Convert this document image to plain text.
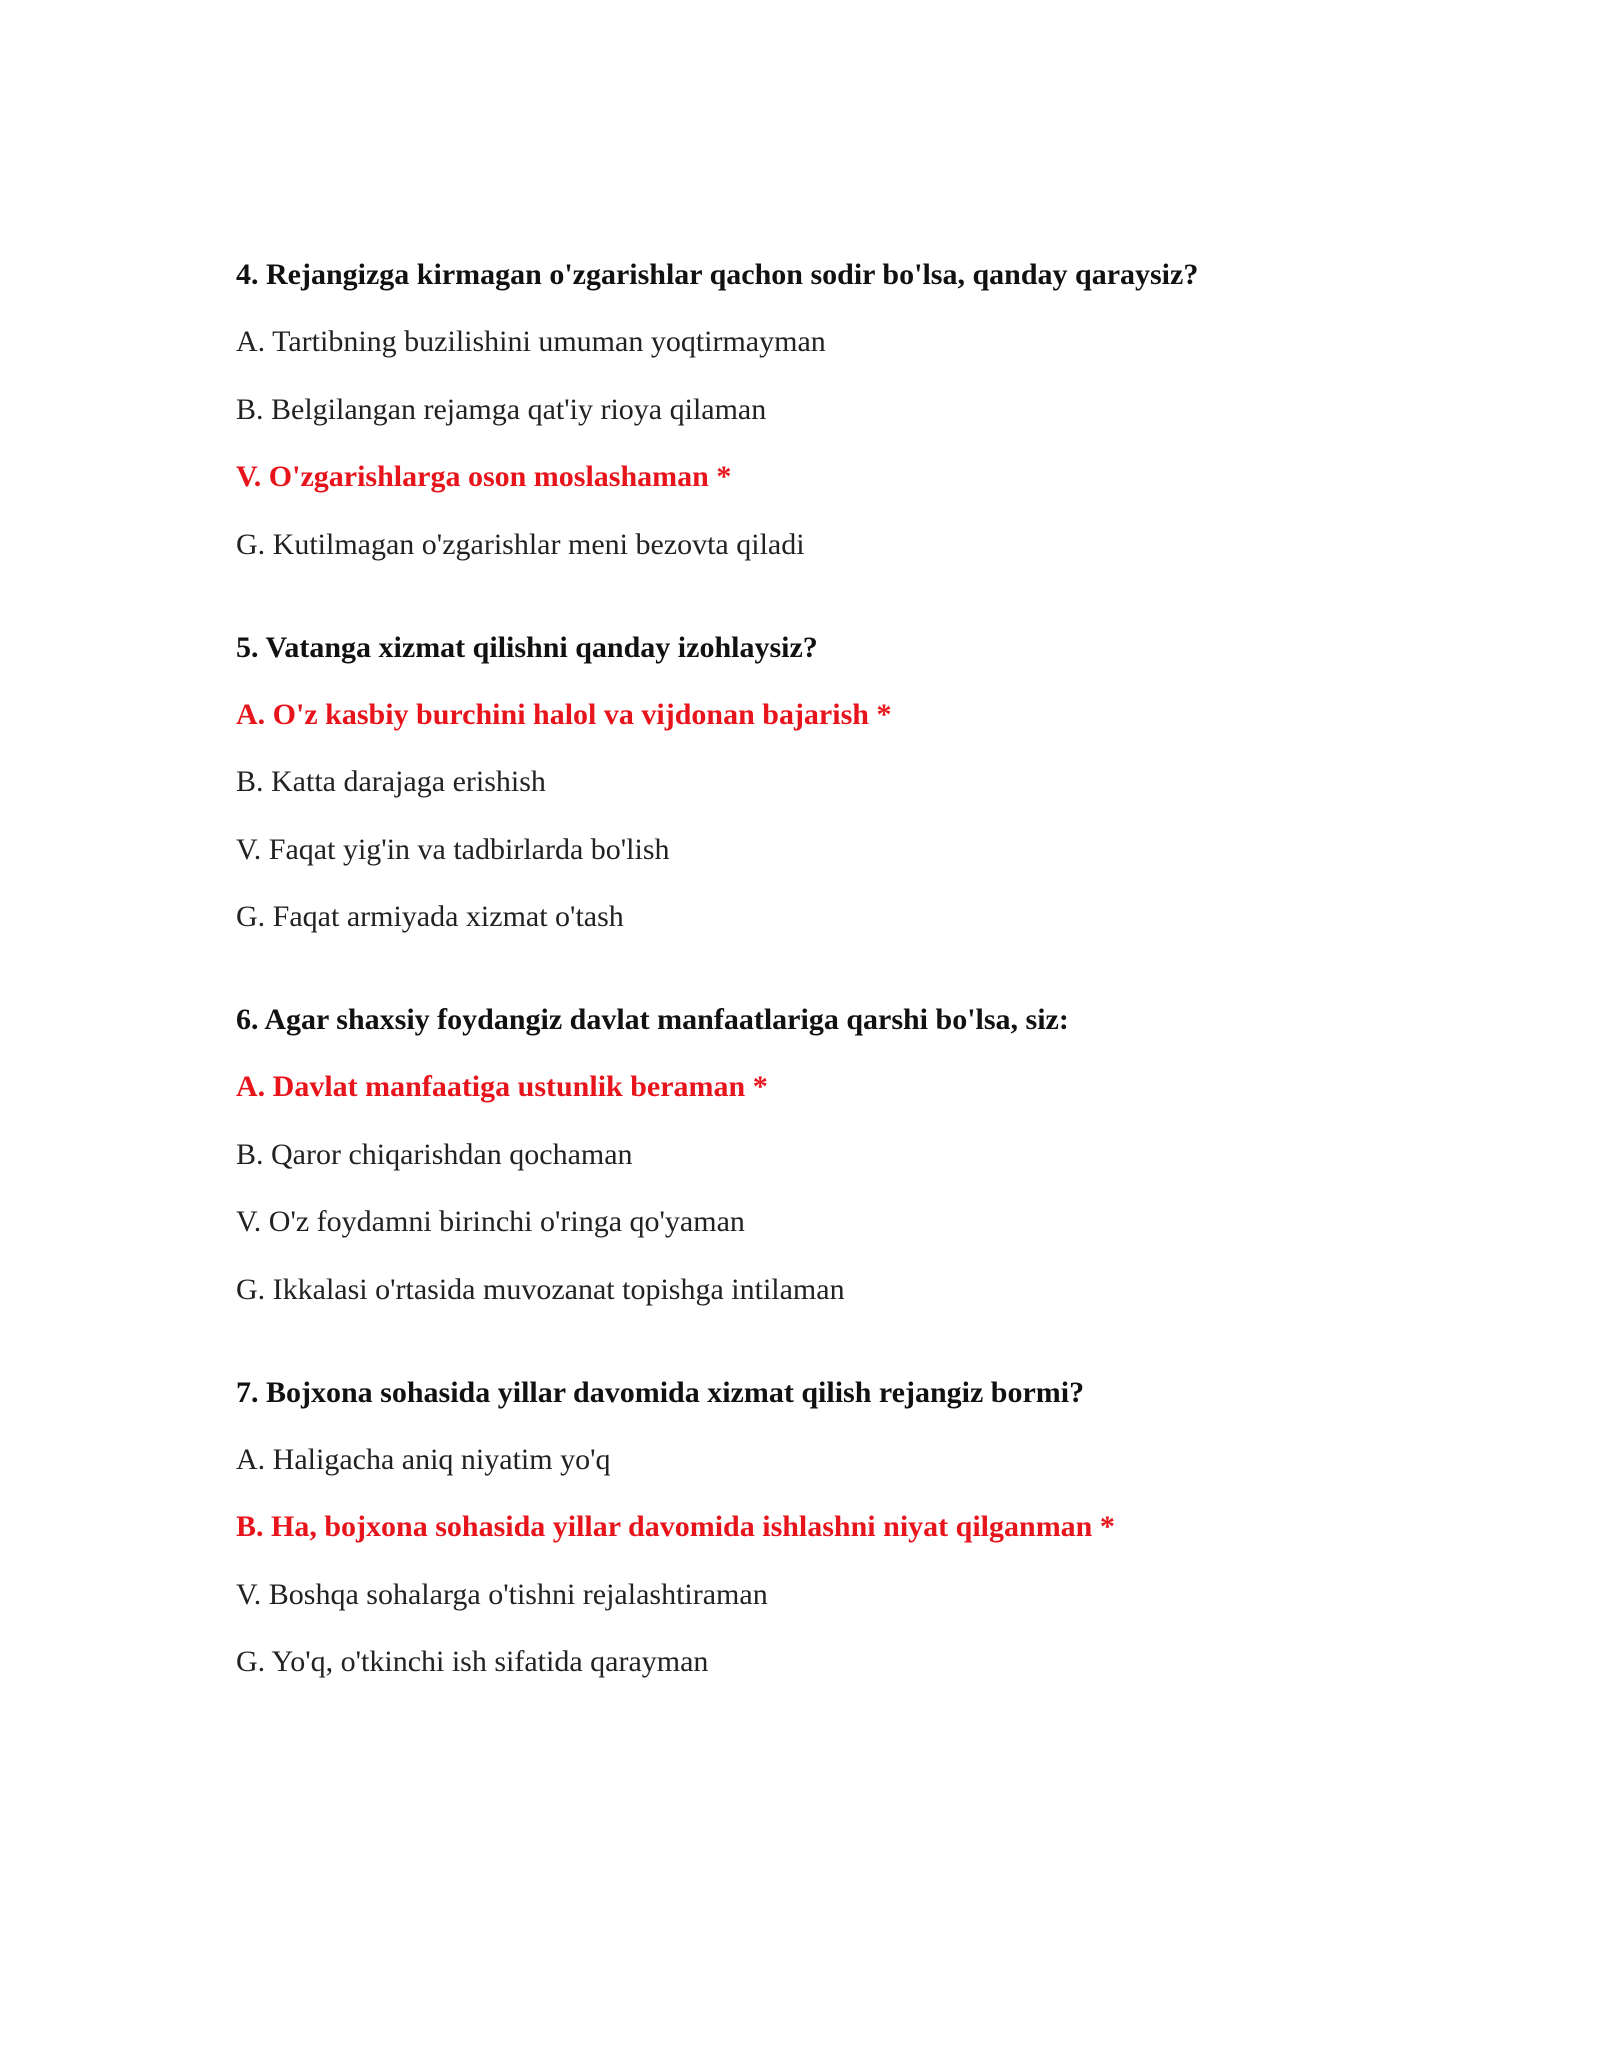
4. Rejangizga kirmagan o'zgarishlar qachon sodir bo'lsa, qanday qaraysiz?
A. Tartibning buzilishini umuman yoqtirmayman
B. Belgilangan rejamga qat'iy rioya qilaman
V. O'zgarishlarga oson moslashaman *
G. Kutilmagan o'zgarishlar meni bezovta qiladi
5. Vatanga xizmat qilishni qanday izohlaysiz?
A. O'z kasbiy burchini halol va vijdonan bajarish *
B. Katta darajaga erishish
V. Faqat yig'in va tadbirlarda bo'lish
G. Faqat armiyada xizmat o'tash
6. Agar shaxsiy foydangiz davlat manfaatlariga qarshi bo'lsa, siz:
A. Davlat manfaatiga ustunlik beraman *
B. Qaror chiqarishdan qochaman
V. O'z foydamni birinchi o'ringa qo'yaman
G. Ikkalasi o'rtasida muvozanat topishga intilaman
7. Bojxona sohasida yillar davomida xizmat qilish rejangiz bormi?
A. Haligacha aniq niyatim yo'q
B. Ha, bojxona sohasida yillar davomida ishlashni niyat qilganman *
V. Boshqa sohalarga o'tishni rejalashtiraman
G. Yo'q, o'tkinchi ish sifatida qarayman
